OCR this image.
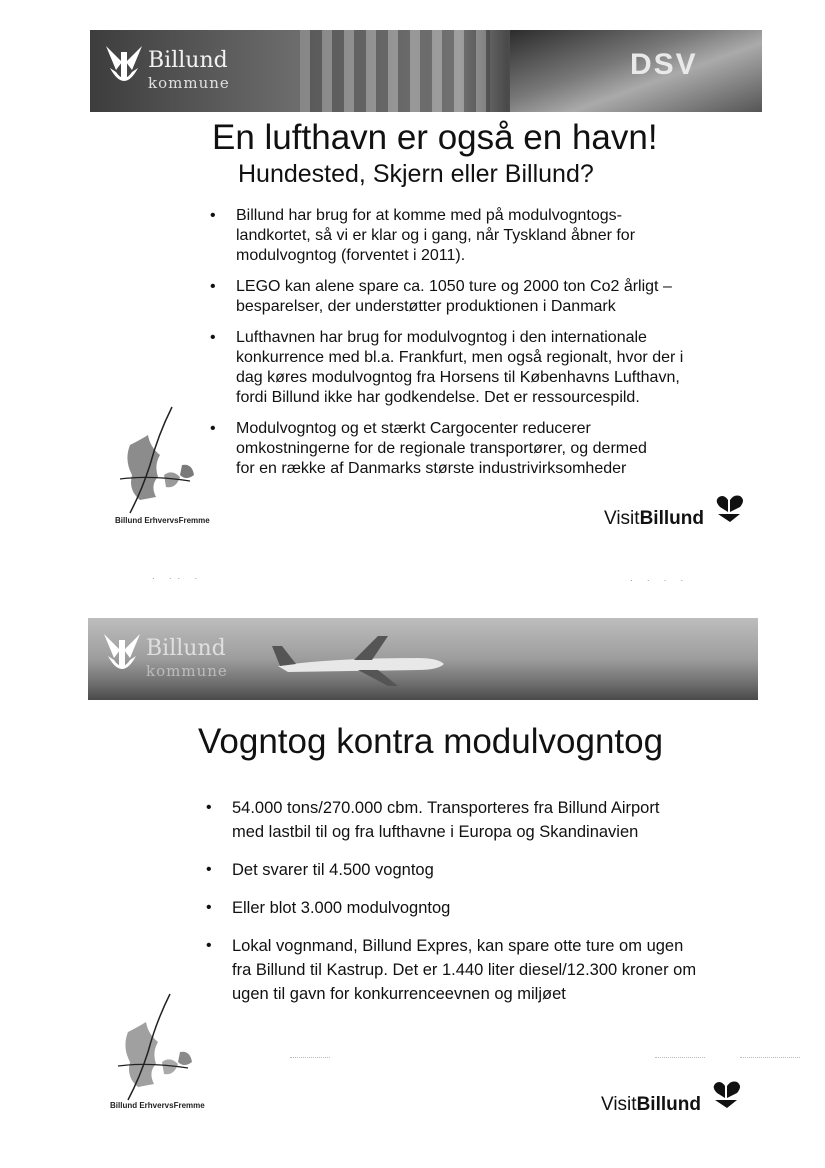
DSV
Billund
kommune
En lufthavn er også en havn!
Hundested, Skjern eller Billund?
• Billund har brug for at komme med på modulvogntogs-
landkortet, så vi er klar og i gang, når Tyskland åbner for
modulvogntog (forventet i 2011).
• LEGO kan alene spare ca. 1050 ture og 2000 ton Co2 årligt –
besparelser, der understøtter produktionen i Danmark
• Lufthavnen har brug for modulvogntog i den internationale
konkurrence med bl.a. Frankfurt, men også regionalt, hvor der i
dag køres modulvogntog fra Horsens til Københavns Lufthavn,
fordi Billund ikke har godkendelse. Det er ressourcespild.
• Modulvogntog og et stærkt Cargocenter reducerer
omkostningerne for de regionale transportører, og dermed
for en række af Danmarks største industrivirksomheder
Billund ErhvervsFremme	VisitBillund
· ·· ·	· · · ·
Billund
kommune
Vogntog kontra modulvogntog
• 54.000 tons/270.000 cbm. Transporteres fra Billund Airport
med lastbil til og fra lufthavne i Europa og Skandinavien
• Det svarer til 4.500 vogntog
• Eller blot 3.000 modulvogntog
• Lokal vognmand, Billund Expres, kan spare otte ture om ugen
fra Billund til Kastrup. Det er 1.440 liter diesel/12.300 kroner om
ugen til gavn for konkurrenceevnen og miljøet
Billund ErhvervsFremme	VisitBillund
